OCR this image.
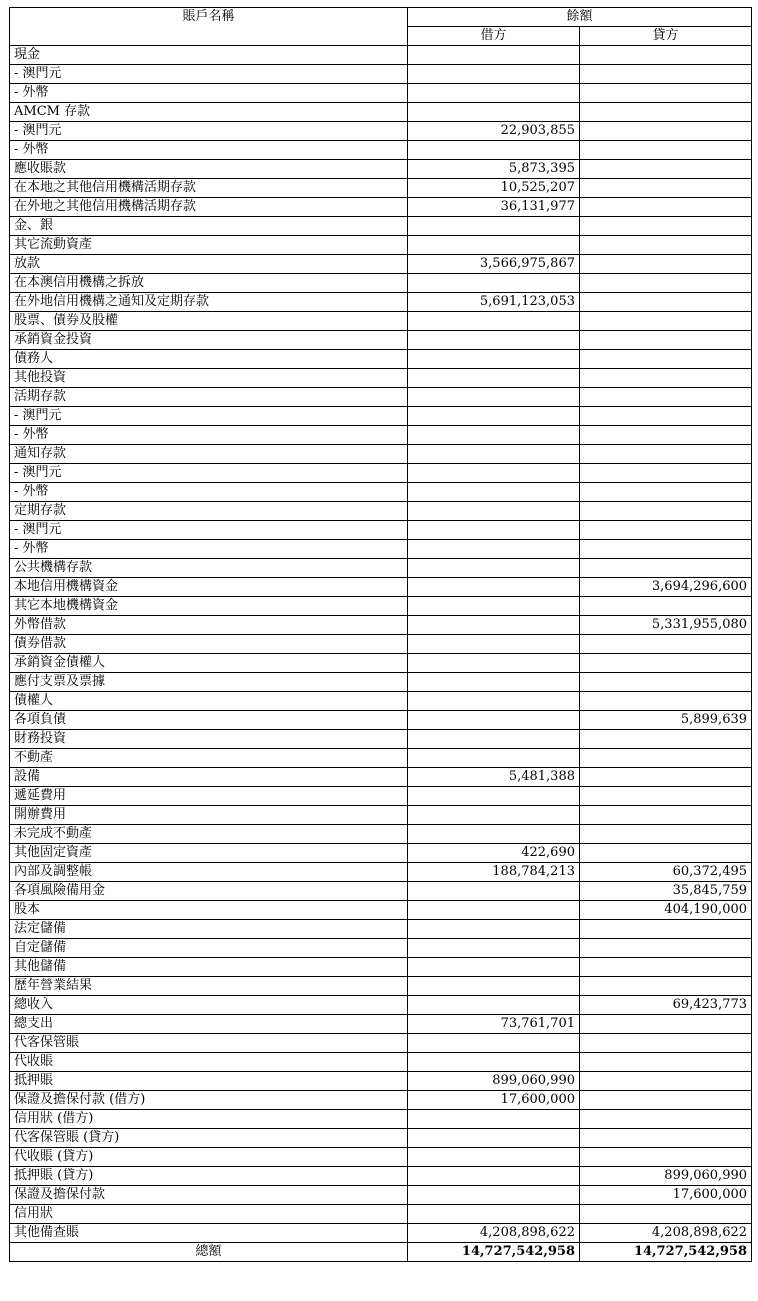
賬戶名稱	餘額	
	借方	貸方
現金		
- 澳門元		
- 外幣		
AMCM 存款		
- 澳門元	22,903,855	
- 外幣		
應收賬款	5,873,395	
在本地之其他信用機構活期存款	10,525,207	
在外地之其他信用機構活期存款	36,131,977	
金、銀		
其它流動資產		
放款	3,566,975,867	
在本澳信用機構之拆放		
在外地信用機構之通知及定期存款	5,691,123,053	
股票、債券及股權		
承銷資金投資		
債務人		
其他投資		
活期存款		
- 澳門元		
- 外幣		
通知存款		
- 澳門元		
- 外幣		
定期存款		
- 澳門元		
- 外幣		
公共機構存款		
本地信用機構資金		3,694,296,600
其它本地機構資金		
外幣借款		5,331,955,080
債券借款		
承銷資金債權人		
應付支票及票據		
債權人		
各項負債		5,899,639
財務投資		
不動產		
設備	5,481,388	
遞延費用		
開辦費用		
未完成不動產		
其他固定資產	422,690	
內部及調整帳	188,784,213	60,372,495
各項風險備用金		35,845,759
股本		404,190,000
法定儲備		
自定儲備		
其他儲備		
歷年營業結果		
總收入		69,423,773
總支出	73,761,701	
代客保管賬		
代收賬		
抵押賬	899,060,990	
保證及擔保付款 (借方)	17,600,000	
信用狀 (借方)		
代客保管賬 (貸方)		
代收賬 (貸方)		
抵押賬 (貸方)		899,060,990
保證及擔保付款		17,600,000
信用狀		
其他備查賬	4,208,898,622	4,208,898,622
總額	14,727,542,958	14,727,542,958
